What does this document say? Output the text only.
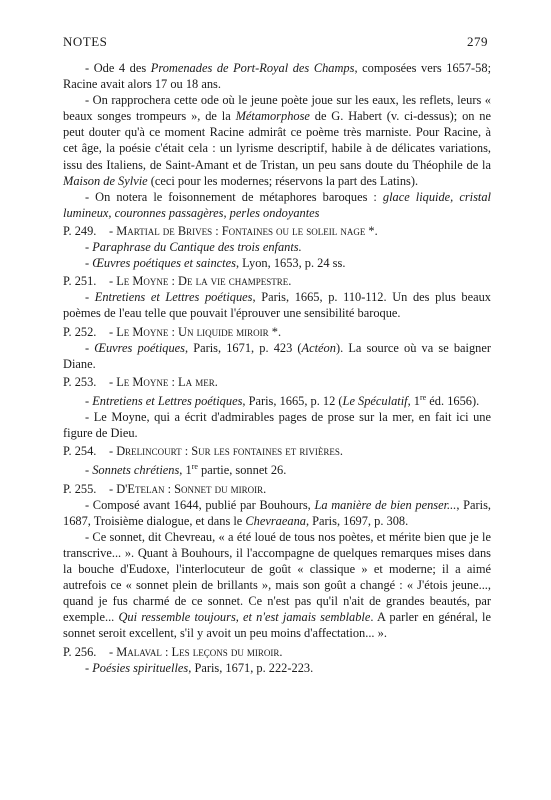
NOTES	279

- Ode 4 des Promenades de Port-Royal des Champs, composées vers 1657-58; Racine avait alors 17 ou 18 ans.

- On rapprochera cette ode où le jeune poète joue sur les eaux, les reflets, leurs « beaux songes trompeurs », de la Métamorphose de G. Habert (v. ci-dessus); on ne peut douter qu'à ce moment Racine admirât ce poème très marniste. Pour Racine, à cet âge, la poésie c'était cela : un lyrisme descriptif, habile à de délicates variations, issu des Italiens, de Saint-Amant et de Tristan, un peu sans doute du Théophile de la Maison de Sylvie (ceci pour les modernes; réservons la part des Latins).

- On notera le foisonnement de métaphores baroques : glace liquide, cristal lumineux, couronnes passagères, perles ondoyantes

P. 249.	- Martial de Brives : Fontaines ou le soleil nage *.

- Paraphrase du Cantique des trois enfants.

- Œuvres poétiques et sainctes, Lyon, 1653, p. 24 ss.

P. 251.	- Le Moyne : De la vie champestre.

- Entretiens et Lettres poétiques, Paris, 1665, p. 110-112. Un des plus beaux poèmes de l'eau telle que pouvait l'éprouver une sensibilité baroque.

P. 252.	- Le Moyne : Un liquide miroir *.

- Œuvres poétiques, Paris, 1671, p. 423 (Actéon). La source où va se baigner Diane.

P. 253.	- Le Moyne : La mer.

- Entretiens et Lettres poétiques, Paris, 1665, p. 12 (Le Spéculatif, 1re éd. 1656).

- Le Moyne, qui a écrit d'admirables pages de prose sur la mer, en fait ici une figure de Dieu.

P. 254.	- Drelincourt : Sur les fontaines et rivières.

- Sonnets chrétiens, 1re partie, sonnet 26.

P. 255.	- D'Etelan : Sonnet du miroir.

- Composé avant 1644, publié par Bouhours, La manière de bien penser..., Paris, 1687, Troisième dialogue, et dans le Chevraeana, Paris, 1697, p. 308.

- Ce sonnet, dit Chevreau, « a été loué de tous nos poètes, et mérite bien que je le transcrive... ». Quant à Bouhours, il l'accompagne de quelques remarques mises dans la bouche d'Eudoxe, l'interlocuteur de goût « classique » et moderne; il a aimé autrefois ce « sonnet plein de brillants », mais son goût a changé : « J'étois jeune..., quand je fus charmé de ce sonnet. Ce n'est pas qu'il n'ait de grandes beautés, par exemple... Qui ressemble toujours, et n'est jamais semblable. A parler en général, le sonnet seroit excellent, s'il y avoit un peu moins d'affectation... ».

P. 256.	- Malaval : Les leçons du miroir.

- Poésies spirituelles, Paris, 1671, p. 222-223.
